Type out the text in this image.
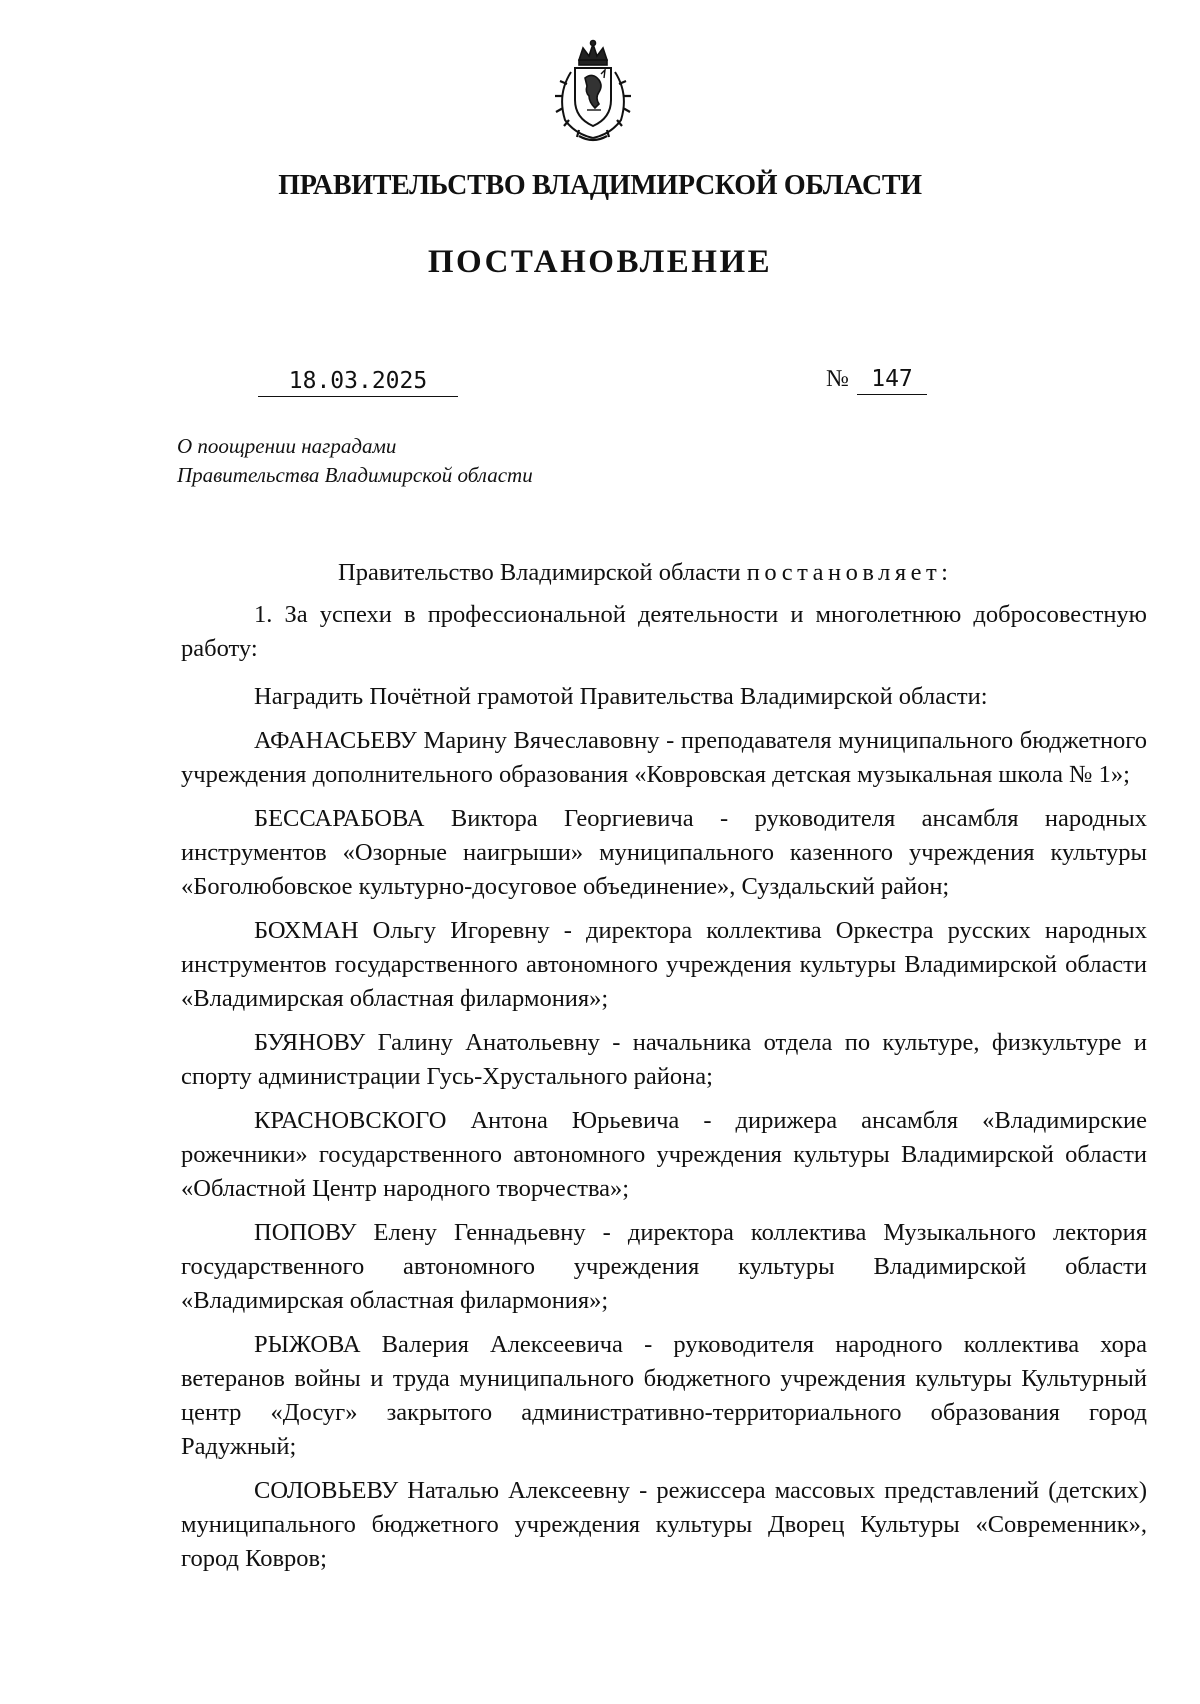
ПРАВИТЕЛЬСТВО ВЛАДИМИРСКОЙ ОБЛАСТИ
ПОСТАНОВЛЕНИЕ
18.03.2025	№ 147
О поощрении наградами
Правительства Владимирской области

Правительство Владимирской области постановляет:

1. За успехи в профессиональной деятельности и многолетнюю добросовестную работу:

Наградить Почётной грамотой Правительства Владимирской области:

АФАНАСЬЕВУ Марину Вячеславовну - преподавателя муниципального бюджетного учреждения дополнительного образования «Ковровская детская музыкальная школа № 1»;

БЕССАРАБОВА Виктора Георгиевича - руководителя ансамбля народных инструментов «Озорные наигрыши» муниципального казенного учреждения культуры «Боголюбовское культурно-досуговое объединение», Суздальский район;

БОХМАН Ольгу Игоревну - директора коллектива Оркестра русских народных инструментов государственного автономного учреждения культуры Владимирской области «Владимирская областная филармония»;

БУЯНОВУ Галину Анатольевну - начальника отдела по культуре, физкультуре и спорту администрации Гусь-Хрустального района;

КРАСНОВСКОГО Антона Юрьевича - дирижера ансамбля «Владимирские рожечники» государственного автономного учреждения культуры Владимирской области «Областной Центр народного творчества»;

ПОПОВУ Елену Геннадьевну - директора коллектива Музыкального лектория государственного автономного учреждения культуры Владимирской области «Владимирская областная филармония»;

РЫЖОВА Валерия Алексеевича - руководителя народного коллектива хора ветеранов войны и труда муниципального бюджетного учреждения культуры Культурный центр «Досуг» закрытого административно-территориального образования город Радужный;

СОЛОВЬЕВУ Наталью Алексеевну - режиссера массовых представлений (детских) муниципального бюджетного учреждения культуры Дворец Культуры «Современник», город Ковров;
